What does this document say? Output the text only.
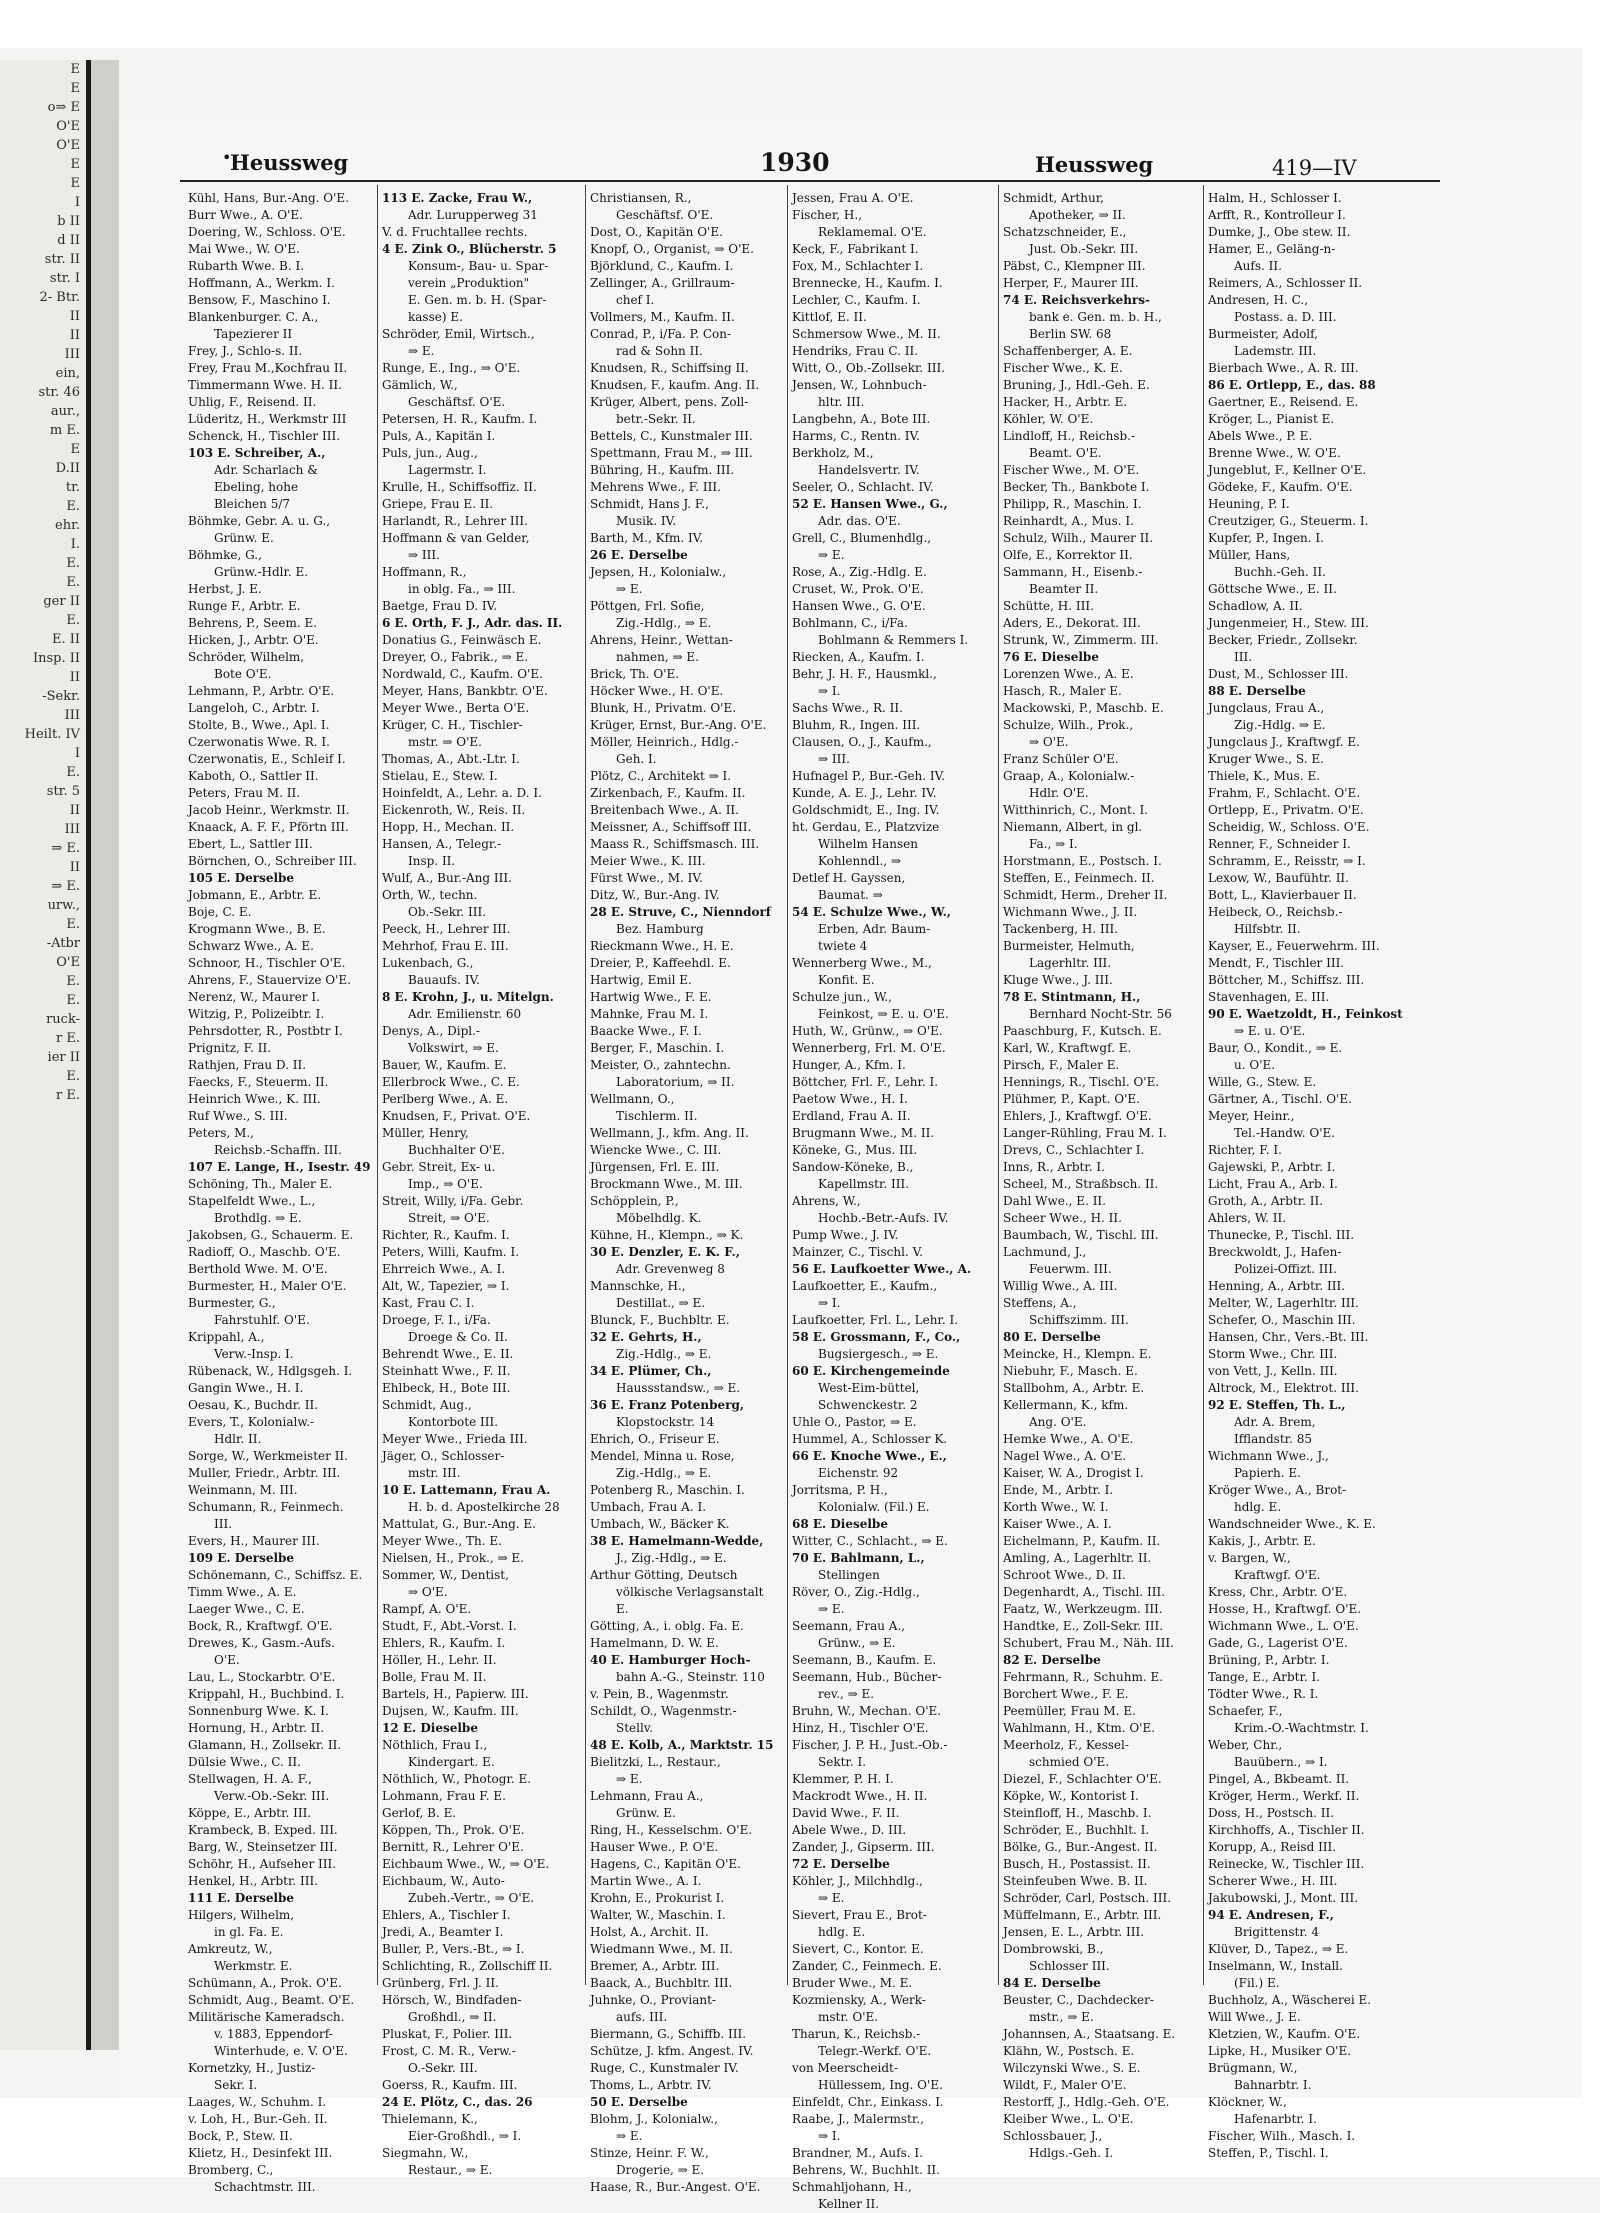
E
E
o⇒ E
O'E
O'E
E
E
I
b II
d II
str. II
str. I
2- Btr.
II
II
III
ein,
str. 46
aur.,
m E.
E
D.II
tr.
E.
ehr.
I.
E.
E.
ger II
E.
E. II
Insp. II
II
-Sekr.
III
Heilt. IV
I
E.
str. 5
II
III
⇒ E.
II
⇒ E.
urw.,
E.
-Atbr
O'E
E.
E.
ruck-
r E.
ier II
E.
r E.
•
Heussweg	1930	Heussweg	419—IV
Kühl, Hans, Bur.-Ang. O'E.
Burr Wwe., A. O'E.
Doering, W., Schloss. O'E.
Mai Wwe., W. O'E.
Rubarth Wwe. B. I.
Hoffmann, A., Werkm. I.
Bensow, F., Maschino I.
Blankenburger. C. A.,
Tapezierer II
Frey, J., Schlo-s. II.
Frey, Frau M.,Kochfrau II.
Timmermann Wwe. H. II.
Uhlig, F., Reisend. II.
Lüderitz, H., Werkmstr III
Schenck, H., Tischler III.
103 E. Schreiber, A.,
Adr. Scharlach &
Ebeling, hohe
Bleichen 5/7
Böhmke, Gebr. A. u. G.,
Grünw. E.
Böhmke, G.,
Grünw.-Hdlr. E.
Herbst, J. E.
Runge F., Arbtr. E.
Behrens, P., Seem. E.
Hicken, J., Arbtr. O'E.
Schröder, Wilhelm,
Bote O'E.
Lehmann, P., Arbtr. O'E.
Langeloh, C., Arbtr. I.
Stolte, B., Wwe., Apl. I.
Czerwonatis Wwe. R. I.
Czerwonatis, E., Schleif I.
Kaboth, O., Sattler II.
Peters, Frau M. II.
Jacob Heinr., Werkmstr. II.
Knaack, A. F. F., Pförtn III.
Ebert, L., Sattler III.
Börnchen, O., Schreiber III.
105 E. Derselbe
Jobmann, E., Arbtr. E.
Boje, C. E.
Krogmann Wwe., B. E.
Schwarz Wwe., A. E.
Schnoor, H., Tischler O'E.
Ahrens, F., Stauervize O'E.
Nerenz, W., Maurer I.
Witzig, P., Polizeibtr. I.
Pehrsdotter, R., Postbtr I.
Prignitz, F. II.
Rathjen, Frau D. II.
Faecks, F., Steuerm. II.
Heinrich Wwe., K. III.
Ruf Wwe., S. III.
Peters, M.,
Reichsb.-Schaffn. III.
107 E. Lange, H., Isestr. 49
Schöning, Th., Maler E.
Stapelfeldt Wwe., L.,
Brothdlg. ⇒ E.
Jakobsen, G., Schauerm. E.
Radioff, O., Maschb. O'E.
Berthold Wwe. M. O'E.
Burmester, H., Maler O'E.
Burmester, G.,
Fahrstuhlf. O'E.
Krippahl, A.,
Verw.-Insp. I.
Rübenack, W., Hdlgsgeh. I.
Gangin Wwe., H. I.
Oesau, K., Buchdr. II.
Evers, T., Kolonialw.-
Hdlr. II.
Sorge, W., Werkmeister II.
Muller, Friedr., Arbtr. III.
Weinmann, M. III.
Schumann, R., Feinmech.
III.
Evers, H., Maurer III.
109 E. Derselbe
Schönemann, C., Schiffsz. E.
Timm Wwe., A. E.
Laeger Wwe., C. E.
Bock, R., Kraftwgf. O'E.
Drewes, K., Gasm.-Aufs.
O'E.
Lau, L., Stockarbtr. O'E.
Krippahl, H., Buchbind. I.
Sonnenburg Wwe. K. I.
Hornung, H., Arbtr. II.
Glamann, H., Zollsekr. II.
Dülsie Wwe., C. II.
Stellwagen, H. A. F.,
Verw.-Ob.-Sekr. III.
Köppe, E., Arbtr. III.
Krambeck, B. Exped. III.
Barg, W., Steinsetzer III.
Schöhr, H., Aufseher III.
Henkel, H., Arbtr. III.
111 E. Derselbe
Hilgers, Wilhelm,
in gl. Fa. E.
Amkreutz, W.,
Werkmstr. E.
Schümann, A., Prok. O'E.
Schmidt, Aug., Beamt. O'E.
Militärische Kameradsch.
v. 1883, Eppendorf-
Winterhude, e. V. O'E.
Kornetzky, H., Justiz-
Sekr. I.
Laages, W., Schuhm. I.
v. Loh, H., Bur.-Geh. II.
Bock, P., Stew. II.
Klietz, H., Desinfekt III.
Bromberg, C.,
Schachtmstr. III.
113 E. Zacke, Frau W.,
Adr. Lurupperweg 31
V. d. Fruchtallee rechts.
4 E. Zink O., Blücherstr. 5
Konsum-, Bau- u. Spar-
verein „Produktion"
E. Gen. m. b. H. (Spar-
kasse) E.
Schröder, Emil, Wirtsch.,
⇒ E.
Runge, E., Ing., ⇒ O'E.
Gämlich, W.,
Geschäftsf. O'E.
Petersen, H. R., Kaufm. I.
Puls, A., Kapitän I.
Puls, jun., Aug.,
Lagermstr. I.
Krulle, H., Schiffsoffiz. II.
Griepe, Frau E. II.
Harlandt, R., Lehrer III.
Hoffmann & van Gelder,
⇒ III.
Hoffmann, R.,
in oblg. Fa., ⇒ III.
Baetge, Frau D. IV.
6 E. Orth, F. J., Adr. das. II.
Donatius G., Feinwäsch E.
Dreyer, O., Fabrik., ⇒ E.
Nordwald, C., Kaufm. O'E.
Meyer, Hans, Bankbtr. O'E.
Meyer Wwe., Berta O'E.
Krüger, C. H., Tischler-
mstr. ⇒ O'E.
Thomas, A., Abt.-Ltr. I.
Stielau, E., Stew. I.
Hoinfeldt, A., Lehr. a. D. I.
Eickenroth, W., Reis. II.
Hopp, H., Mechan. II.
Hansen, A., Telegr.-
Insp. II.
Wulf, A., Bur.-Ang III.
Orth, W., techn.
Ob.-Sekr. III.
Peeck, H., Lehrer III.
Mehrhof, Frau E. III.
Lukenbach, G.,
Bauaufs. IV.
8 E. Krohn, J., u. Mitelgn.
Adr. Emilienstr. 60
Denys, A., Dipl.-
Volkswirt, ⇒ E.
Bauer, W., Kaufm. E.
Ellerbrock Wwe., C. E.
Perlberg Wwe., A. E.
Knudsen, F., Privat. O'E.
Müller, Henry,
Buchhalter O'E.
Gebr. Streit, Ex- u.
Imp., ⇒ O'E.
Streit, Willy, i/Fa. Gebr.
Streit, ⇒ O'E.
Richter, R., Kaufm. I.
Peters, Willi, Kaufm. I.
Ehrreich Wwe., A. I.
Alt, W., Tapezier, ⇒ I.
Kast, Frau C. I.
Droege, F. I., i/Fa.
Droege & Co. II.
Behrendt Wwe., E. II.
Steinhatt Wwe., F. II.
Ehlbeck, H., Bote III.
Schmidt, Aug.,
Kontorbote III.
Meyer Wwe., Frieda III.
Jäger, O., Schlosser-
mstr. III.
10 E. Lattemann, Frau A.
H. b. d. Apostelkirche 28
Mattulat, G., Bur.-Ang. E.
Meyer Wwe., Th. E.
Nielsen, H., Prok., ⇒ E.
Sommer, W., Dentist,
⇒ O'E.
Rampf, A. O'E.
Studt, F., Abt.-Vorst. I.
Ehlers, R., Kaufm. I.
Höller, H., Lehr. II.
Bolle, Frau M. II.
Bartels, H., Papierw. III.
Dujsen, W., Kaufm. III.
12 E. Dieselbe
Nöthlich, Frau I.,
Kindergart. E.
Nöthlich, W., Photogr. E.
Lohmann, Frau F. E.
Gerlof, B. E.
Köppen, Th., Prok. O'E.
Bernitt, R., Lehrer O'E.
Eichbaum Wwe., W., ⇒ O'E.
Eichbaum, W., Auto-
Zubeh.-Vertr., ⇒ O'E.
Ehlers, A., Tischler I.
Jredi, A., Beamter I.
Buller, P., Vers.-Bt., ⇒ I.
Schlichting, R., Zollschiff II.
Grünberg, Frl. J. II.
Hörsch, W., Bindfaden-
Großhdl., ⇒ II.
Pluskat, F., Polier. III.
Frost, C. M. R., Verw.-
O.-Sekr. III.
Goerss, R., Kaufm. III.
24 E. Plötz, C., das. 26
Thielemann, K.,
Eier-Großhdl., ⇒ I.
Siegmahn, W.,
Restaur., ⇒ E.
Christiansen, R.,
Geschäftsf. O'E.
Dost, O., Kapitän O'E.
Knopf, O., Organist, ⇒ O'E.
Björklund, C., Kaufm. I.
Zellinger, A., Grillraum-
chef I.
Vollmers, M., Kaufm. II.
Conrad, P., i/Fa. P. Con-
rad & Sohn II.
Knudsen, R., Schiffsing II.
Knudsen, F., kaufm. Ang. II.
Krüger, Albert, pens. Zoll-
betr.-Sekr. II.
Bettels, C., Kunstmaler III.
Spettmann, Frau M., ⇒ III.
Bühring, H., Kaufm. III.
Mehrens Wwe., F. III.
Schmidt, Hans J. F.,
Musik. IV.
Barth, M., Kfm. IV.
26 E. Derselbe
Jepsen, H., Kolonialw.,
⇒ E.
Pöttgen, Frl. Sofie,
Zig.-Hdlg., ⇒ E.
Ahrens, Heinr., Wettan-
nahmen, ⇒ E.
Brick, Th. O'E.
Höcker Wwe., H. O'E.
Blunk, H., Privatm. O'E.
Krüger, Ernst, Bur.-Ang. O'E.
Möller, Heinrich., Hdlg.-
Geh. I.
Plötz, C., Architekt ⇒ I.
Zirkenbach, F., Kaufm. II.
Breitenbach Wwe., A. II.
Meissner, A., Schiffsoff III.
Maass R., Schiffsmasch. III.
Meier Wwe., K. III.
Fürst Wwe., M. IV.
Ditz, W., Bur.-Ang. IV.
28 E. Struve, C., Nienndorf
Bez. Hamburg
Rieckmann Wwe., H. E.
Dreier, P., Kaffeehdl. E.
Hartwig, Emil E.
Hartwig Wwe., F. E.
Mahnke, Frau M. I.
Baacke Wwe., F. I.
Berger, F., Maschin. I.
Meister, O., zahntechn.
Laboratorium, ⇒ II.
Wellmann, O.,
Tischlerm. II.
Wellmann, J., kfm. Ang. II.
Wiencke Wwe., C. III.
Jürgensen, Frl. E. III.
Brockmann Wwe., M. III.
Schöpplein, P.,
Möbelhdlg. K.
Kühne, H., Klempn., ⇒ K.
30 E. Denzler, E. K. F.,
Adr. Grevenweg 8
Mannschke, H.,
Destillat., ⇒ E.
Blunck, F., Buchbltr. E.
32 E. Gehrts, H.,
Zig.-Hdlg., ⇒ E.
34 E. Plümer, Ch.,
Haussstandsw., ⇒ E.
36 E. Franz Potenberg,
Klopstockstr. 14
Ehrich, O., Friseur E.
Mendel, Minna u. Rose,
Zig.-Hdlg., ⇒ E.
Potenberg R., Maschin. I.
Umbach, Frau A. I.
Umbach, W., Bäcker K.
38 E. Hamelmann-Wedde,
J., Zig.-Hdlg., ⇒ E.
Arthur Götting, Deutsch
völkische Verlagsanstalt
E.
Götting, A., i. oblg. Fa. E.
Hamelmann, D. W. E.
40 E. Hamburger Hoch-
bahn A.-G., Steinstr. 110
v. Pein, B., Wagenmstr.
Schildt, O., Wagenmstr.-
Stellv.
48 E. Kolb, A., Marktstr. 15
Bielitzki, L., Restaur.,
⇒ E.
Lehmann, Frau A.,
Grünw. E.
Ring, H., Kesselschm. O'E.
Hauser Wwe., P. O'E.
Hagens, C., Kapitän O'E.
Martin Wwe., A. I.
Krohn, E., Prokurist I.
Walter, W., Maschin. I.
Holst, A., Archit. II.
Wiedmann Wwe., M. II.
Bremer, A., Arbtr. III.
Baack, A., Buchbltr. III.
Juhnke, O., Proviant-
aufs. III.
Biermann, G., Schiffb. III.
Schütze, J. kfm. Angest. IV.
Ruge, C., Kunstmaler IV.
Thoms, L., Arbtr. IV.
50 E. Derselbe
Blohm, J., Kolonialw.,
⇒ E.
Stinze, Heinr. F. W.,
Drogerie, ⇒ E.
Haase, R., Bur.-Angest. O'E.
Jessen, Frau A. O'E.
Fischer, H.,
Reklamemal. O'E.
Keck, F., Fabrikant I.
Fox, M., Schlachter I.
Brennecke, H., Kaufm. I.
Lechler, C., Kaufm. I.
Kittlof, E. II.
Schmersow Wwe., M. II.
Hendriks, Frau C. II.
Witt, O., Ob.-Zollsekr. III.
Jensen, W., Lohnbuch-
hltr. III.
Langbehn, A., Bote III.
Harms, C., Rentn. IV.
Berkholz, M.,
Handelsvertr. IV.
Seeler, O., Schlacht. IV.
52 E. Hansen Wwe., G.,
Adr. das. O'E.
Grell, C., Blumenhdlg.,
⇒ E.
Rose, A., Zig.-Hdlg. E.
Cruset, W., Prok. O'E.
Hansen Wwe., G. O'E.
Bohlmann, C., i/Fa.
Bohlmann & Remmers I.
Riecken, A., Kaufm. I.
Behr, J. H. F., Hausmkl.,
⇒ I.
Sachs Wwe., R. II.
Bluhm, R., Ingen. III.
Clausen, O., J., Kaufm.,
⇒ III.
Hufnagel P., Bur.-Geh. IV.
Kunde, A. E. J., Lehr. IV.
Goldschmidt, E., Ing. IV.
ht. Gerdau, E., Platzvize
Wilhelm Hansen
Kohlenndl., ⇒
Detlef H. Gayssen,
Baumat. ⇒
54 E. Schulze Wwe., W.,
Erben, Adr. Baum-
twiete 4
Wennerberg Wwe., M.,
Konfit. E.
Schulze jun., W.,
Feinkost, ⇒ E. u. O'E.
Huth, W., Grünw., ⇒ O'E.
Wennerberg, Frl. M. O'E.
Hunger, A., Kfm. I.
Böttcher, Frl. F., Lehr. I.
Paetow Wwe., H. I.
Erdland, Frau A. II.
Brugmann Wwe., M. II.
Köneke, G., Mus. III.
Sandow-Köneke, B.,
Kapellmstr. III.
Ahrens, W.,
Hochb.-Betr.-Aufs. IV.
Pump Wwe., J. IV.
Mainzer, C., Tischl. V.
56 E. Laufkoetter Wwe., A.
Laufkoetter, E., Kaufm.,
⇒ I.
Laufkoetter, Frl. L., Lehr. I.
58 E. Grossmann, F., Co.,
Bugsiergesch., ⇒ E.
60 E. Kirchengemeinde
West-Eim-büttel,
Schwenckestr. 2
Uhle O., Pastor, ⇒ E.
Hummel, A., Schlosser K.
66 E. Knoche Wwe., E.,
Eichenstr. 92
Jorritsma, P. H.,
Kolonialw. (Fil.) E.
68 E. Dieselbe
Witter, C., Schlacht., ⇒ E.
70 E. Bahlmann, L.,
Stellingen
Röver, O., Zig.-Hdlg.,
⇒ E.
Seemann, Frau A.,
Grünw., ⇒ E.
Seemann, B., Kaufm. E.
Seemann, Hub., Bücher-
rev., ⇒ E.
Bruhn, W., Mechan. O'E.
Hinz, H., Tischler O'E.
Fischer, J. P. H., Just.-Ob.-
Sektr. I.
Klemmer, P. H. I.
Mackrodt Wwe., H. II.
David Wwe., F. II.
Abele Wwe., D. III.
Zander, J., Gipserm. III.
72 E. Derselbe
Köhler, J., Milchhdlg.,
⇒ E.
Sievert, Frau E., Brot-
hdlg. E.
Sievert, C., Kontor. E.
Zander, C., Feinmech. E.
Bruder Wwe., M. E.
Kozmiensky, A., Werk-
mstr. O'E.
Tharun, K., Reichsb.-
Telegr.-Werkf. O'E.
von Meerscheidt-
Hüllessem, Ing. O'E.
Einfeldt, Chr., Einkass. I.
Raabe, J., Malermstr.,
⇒ I.
Brandner, M., Aufs. I.
Behrens, W., Buchhlt. II.
Schmahljohann, H.,
Kellner II.
Schmidt, Arthur,
Apotheker, ⇒ II.
Schatzschneider, E.,
Just. Ob.-Sekr. III.
Päbst, C., Klempner III.
Herper, F., Maurer III.
74 E. Reichsverkehrs-
bank e. Gen. m. b. H.,
Berlin SW. 68
Schaffenberger, A. E.
Fischer Wwe., K. E.
Bruning, J., Hdl.-Geh. E.
Hacker, H., Arbtr. E.
Köhler, W. O'E.
Lindloff, H., Reichsb.-
Beamt. O'E.
Fischer Wwe., M. O'E.
Becker, Th., Bankbote I.
Philipp, R., Maschin. I.
Reinhardt, A., Mus. I.
Schulz, Wilh., Maurer II.
Olfe, E., Korrektor II.
Sammann, H., Eisenb.-
Beamter II.
Schütte, H. III.
Aders, E., Dekorat. III.
Strunk, W., Zimmerm. III.
76 E. Dieselbe
Lorenzen Wwe., A. E.
Hasch, R., Maler E.
Mackowski, P., Maschb. E.
Schulze, Wilh., Prok.,
⇒ O'E.
Franz Schüler O'E.
Graap, A., Kolonialw.-
Hdlr. O'E.
Witthinrich, C., Mont. I.
Niemann, Albert, in gl.
Fa., ⇒ I.
Horstmann, E., Postsch. I.
Steffen, E., Feinmech. II.
Schmidt, Herm., Dreher II.
Wichmann Wwe., J. II.
Tackenberg, H. III.
Burmeister, Helmuth,
Lagerhltr. III.
Kluge Wwe., J. III.
78 E. Stintmann, H.,
Bernhard Nocht-Str. 56
Paaschburg, F., Kutsch. E.
Karl, W., Kraftwgf. E.
Pirsch, F., Maler E.
Hennings, R., Tischl. O'E.
Plühmer, P., Kapt. O'E.
Ehlers, J., Kraftwgf. O'E.
Langer-Rühling, Frau M. I.
Drevs, C., Schlachter I.
Inns, R., Arbtr. I.
Scheel, M., Straßbsch. II.
Dahl Wwe., E. II.
Scheer Wwe., H. II.
Baumbach, W., Tischl. III.
Lachmund, J.,
Feuerwm. III.
Willig Wwe., A. III.
Steffens, A.,
Schiffszimm. III.
80 E. Derselbe
Meincke, H., Klempn. E.
Niebuhr, F., Masch. E.
Stallbohm, A., Arbtr. E.
Kellermann, K., kfm.
Ang. O'E.
Hemke Wwe., A. O'E.
Nagel Wwe., A. O'E.
Kaiser, W. A., Drogist I.
Ende, M., Arbtr. I.
Korth Wwe., W. I.
Kaiser Wwe., A. I.
Eichelmann, P., Kaufm. II.
Amling, A., Lagerhltr. II.
Schroot Wwe., D. II.
Degenhardt, A., Tischl. III.
Faatz, W., Werkzeugm. III.
Handtke, E., Zoll-Sekr. III.
Schubert, Frau M., Näh. III.
82 E. Derselbe
Fehrmann, R., Schuhm. E.
Borchert Wwe., F. E.
Peemüller, Frau M. E.
Wahlmann, H., Ktm. O'E.
Meerholz, F., Kessel-
schmied O'E.
Diezel, F., Schlachter O'E.
Köpke, W., Kontorist I.
Steinfloff, H., Maschb. I.
Schröder, E., Buchhlt. I.
Bölke, G., Bur.-Angest. II.
Busch, H., Postassist. II.
Steinfeuben Wwe. B. II.
Schröder, Carl, Postsch. III.
Müffelmann, E., Arbtr. III.
Jensen, E. L., Arbtr. III.
Dombrowski, B.,
Schlosser III.
84 E. Derselbe
Beuster, C., Dachdecker-
mstr., ⇒ E.
Johannsen, A., Staatsang. E.
Klähn, W., Postsch. E.
Wilczynski Wwe., S. E.
Wildt, F., Maler O'E.
Restorff, J., Hdlg.-Geh. O'E.
Kleiber Wwe., L. O'E.
Schlossbauer, J.,
Hdlgs.-Geh. I.
Halm, H., Schlosser I.
Arfft, R., Kontrolleur I.
Dumke, J., Obe stew. II.
Hamer, E., Geläng-n-
Aufs. II.
Reimers, A., Schlosser II.
Andresen, H. C.,
Postass. a. D. III.
Burmeister, Adolf,
Lademstr. III.
Bierbach Wwe., A. R. III.
86 E. Ortlepp, E., das. 88
Gaertner, E., Reisend. E.
Kröger, L., Pianist E.
Abels Wwe., P. E.
Brenne Wwe., W. O'E.
Jungeblut, F., Kellner O'E.
Gödeke, F., Kaufm. O'E.
Heuning, P. I.
Creutziger, G., Steuerm. I.
Kupfer, P., Ingen. I.
Müller, Hans,
Buchh.-Geh. II.
Göttsche Wwe., E. II.
Schadlow, A. II.
Jungenmeier, H., Stew. III.
Becker, Friedr., Zollsekr.
III.
Dust, M., Schlosser III.
88 E. Derselbe
Jungclaus, Frau A.,
Zig.-Hdlg. ⇒ E.
Jungclaus J., Kraftwgf. E.
Kruger Wwe., S. E.
Thiele, K., Mus. E.
Frahm, F., Schlacht. O'E.
Ortlepp, E., Privatm. O'E.
Scheidig, W., Schloss. O'E.
Renner, F., Schneider I.
Schramm, E., Reisstr, ⇒ I.
Lexow, W., Baufühtr. II.
Bott, L., Klavierbauer II.
Heibeck, O., Reichsb.-
Hilfsbtr. II.
Kayser, E., Feuerwehrm. III.
Mendt, F., Tischler III.
Böttcher, M., Schiffsz. III.
Stavenhagen, E. III.
90 E. Waetzoldt, H., Feinkost
⇒ E. u. O'E.
Baur, O., Kondit., ⇒ E.
u. O'E.
Wille, G., Stew. E.
Gärtner, A., Tischl. O'E.
Meyer, Heinr.,
Tel.-Handw. O'E.
Richter, F. I.
Gajewski, P., Arbtr. I.
Licht, Frau A., Arb. I.
Groth, A., Arbtr. II.
Ahlers, W. II.
Thunecke, P., Tischl. III.
Breckwoldt, J., Hafen-
Polizei-Offizt. III.
Henning, A., Arbtr. III.
Melter, W., Lagerhltr. III.
Schefer, O., Maschin III.
Hansen, Chr., Vers.-Bt. III.
Storm Wwe., Chr. III.
von Vett, J., Kelln. III.
Altrock, M., Elektrot. III.
92 E. Steffen, Th. L.,
Adr. A. Brem,
Ifflandstr. 85
Wichmann Wwe., J.,
Papierh. E.
Kröger Wwe., A., Brot-
hdlg. E.
Wandschneider Wwe., K. E.
Kakis, J., Arbtr. E.
v. Bargen, W.,
Kraftwgf. O'E.
Kress, Chr., Arbtr. O'E.
Hosse, H., Kraftwgf. O'E.
Wichmann Wwe., L. O'E.
Gade, G., Lagerist O'E.
Brüning, P., Arbtr. I.
Tange, E., Arbtr. I.
Tödter Wwe., R. I.
Schaefer, F.,
Krim.-O.-Wachtmstr. I.
Weber, Chr.,
Bauübern., ⇒ I.
Pingel, A., Bkbeamt. II.
Kröger, Herm., Werkf. II.
Doss, H., Postsch. II.
Kirchhoffs, A., Tischler II.
Korupp, A., Reisd III.
Reinecke, W., Tischler III.
Scherer Wwe., H. III.
Jakubowski, J., Mont. III.
94 E. Andresen, F.,
Brigittenstr. 4
Klüver, D., Tapez., ⇒ E.
Inselmann, W., Install.
(Fil.) E.
Buchholz, A., Wäscherei E.
Will Wwe., J. E.
Kletzien, W., Kaufm. O'E.
Lipke, H., Musiker O'E.
Brügmann, W.,
Bahnarbtr. I.
Klöckner, W.,
Hafenarbtr. I.
Fischer, Wilh., Masch. I.
Steffen, P., Tischl. I.
